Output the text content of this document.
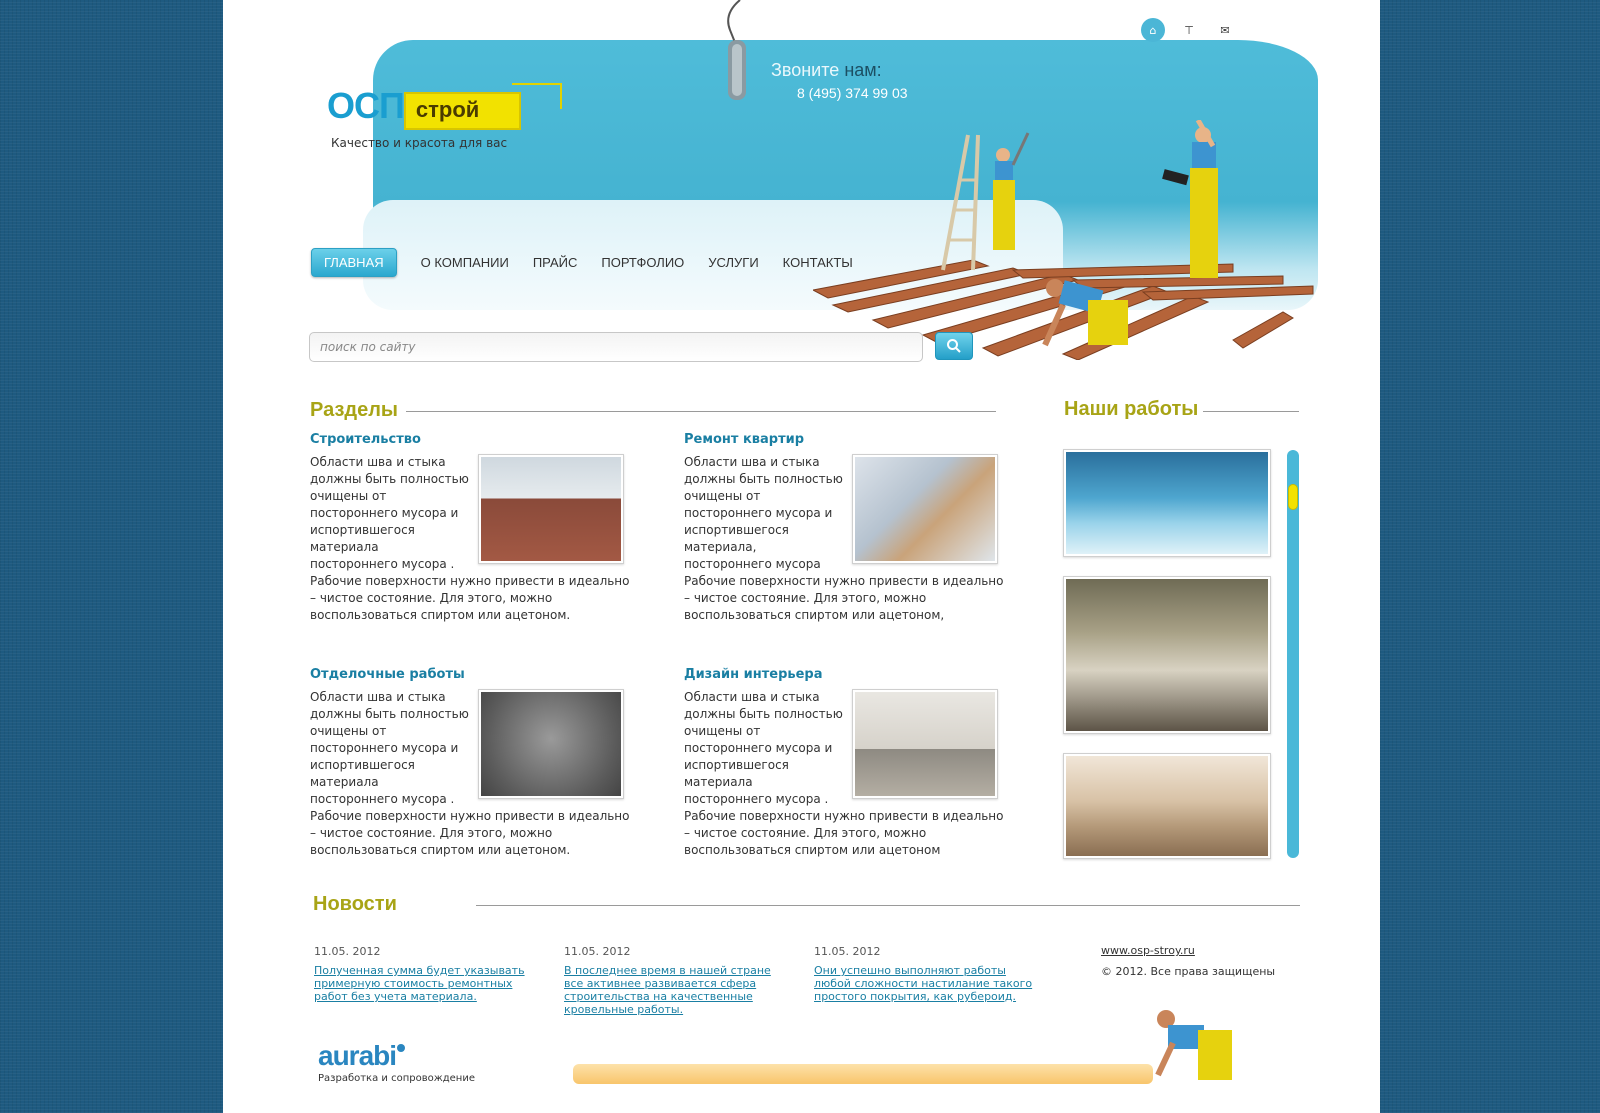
Звоните нам:
8 (495) 374 99 03
⌂	⊤	✉
ОСП строй
Качество и красота для вас
ГЛАВНАЯ	О КОМПАНИИ ПРАЙС ПОРТФОЛИО УСЛУГИ КОНТАКТЫ
поиск по сайту
Разделы
Строительство
Области шва и стыка должны быть полностью очищены от постороннего мусора и испортившегося материала постороннего мусора . Рабочие поверхности нужно привести в идеально – чистое состояние. Для этого, можно воспользоваться спиртом или ацетоном.
Ремонт квартир
Области шва и стыка должны быть полностью очищены от постороннего мусора и испортившегося материала, постороннего мусора Рабочие поверхности нужно привести в идеально – чистое состояние. Для этого, можно воспользоваться спиртом или ацетоном,
Отделочные работы
Области шва и стыка должны быть полностью очищены от постороннего мусора и испортившегося материала постороннего мусора . Рабочие поверхности нужно привести в идеально – чистое состояние. Для этого, можно воспользоваться спиртом или ацетоном.
Дизайн интерьера
Области шва и стыка должны быть полностью очищены от постороннего мусора и испортившегося материала постороннего мусора . Рабочие поверхности нужно привести в идеально – чистое состояние. Для этого, можно воспользоваться спиртом или ацетоном
Наши работы
Новости
11.05. 2012
Полученная сумма будет указывать примерную стоимость ремонтных работ без учета материала.
11.05. 2012
В последнее время в нашей стране все активнее развивается сфера строительства на качественные кровельные работы.
11.05. 2012
Они успешно выполняют работы любой сложности настилание такого простого покрытия, как рубероид.
www.osp-stroy.ru
© 2012. Все права защищены
aurabi
Разработка и сопровождение
